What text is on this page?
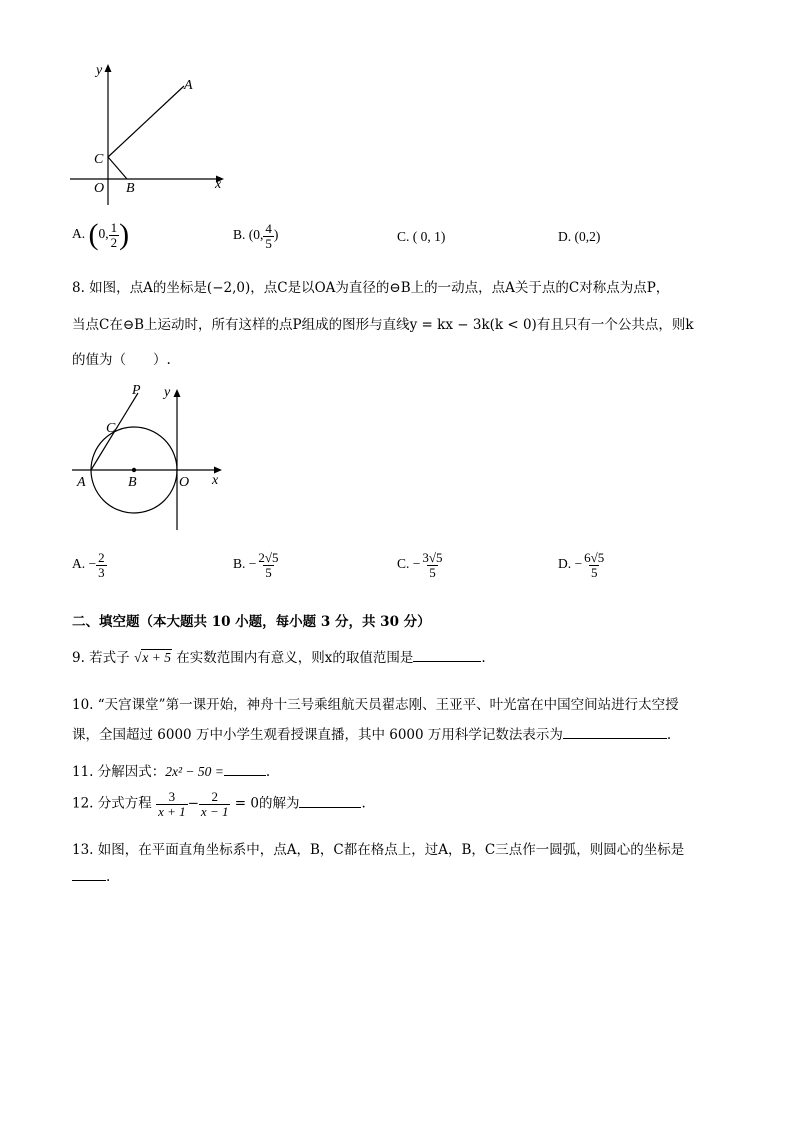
y
A
C
O B	x
A. (0, $\frac{1}{2}$ )	B. (0, $\frac{4}{5}$ )	C. ( 0, 1)	D. (0,2)
8. 如图，点A的坐标是(−2,0)，点C是以OA为直径的⊖B上的一动点，点A关于点的C对称点为点P，
当点C在⊖B上运动时，所有这样的点P组成的图形与直线y = kx − 3k(k < 0)有且只有一个公共点，则k
的值为（　　）.
P y
C
A	B	O x
A. − $\frac{2}{3}$	B. − $\frac{2√5}{5}$	C. − $\frac{3√5}{5}$	D. − $\frac{6√5}{5}$
二、填空题（本大题共 10 小题，每小题 3 分，共 30 分）
9. 若式子 √x + 5 在实数范围内有意义，则x的取值范围是	.
10. “天宫课堂”第一课开始，神舟十三号乘组航天员翟志刚、王亚平、叶光富在中国空间站进行太空授
课，全国超过 6000 万中小学生观看授课直播，其中 6000 万用科学记数法表示为	.
11. 分解因式：2x² − 50 =	.
12. 分式方程 $\frac{3}{x + 1} - \frac{2}{x - 1} = 0$的解为	.
13. 如图，在平面直角坐标系中，点A，B，C都在格点上，过A，B，C三点作一圆弧，则圆心的坐标是
.
